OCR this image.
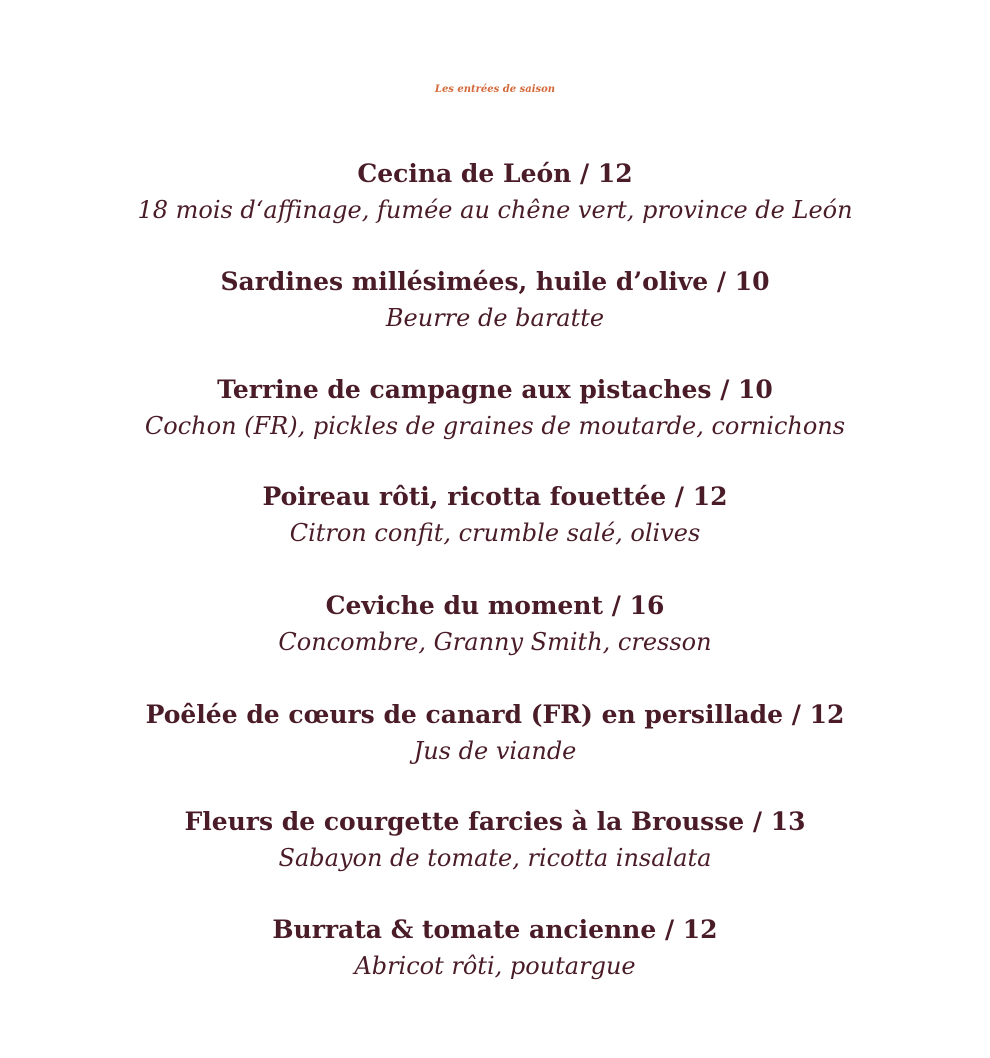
Les entrées de saison
Cecina de León / 12
18 mois d‘affinage, fumée au chêne vert, province de León
Sardines millésimées, huile d’olive / 10
Beurre de baratte
Terrine de campagne aux pistaches / 10
Cochon (FR), pickles de graines de moutarde, cornichons
Poireau rôti, ricotta fouettée / 12
Citron confit, crumble salé, olives
Ceviche du moment / 16
Concombre, Granny Smith, cresson
Poêlée de cœurs de canard (FR) en persillade / 12
Jus de viande
Fleurs de courgette farcies à la Brousse / 13
Sabayon de tomate, ricotta insalata
Burrata & tomate ancienne / 12
Abricot rôti, poutargue
